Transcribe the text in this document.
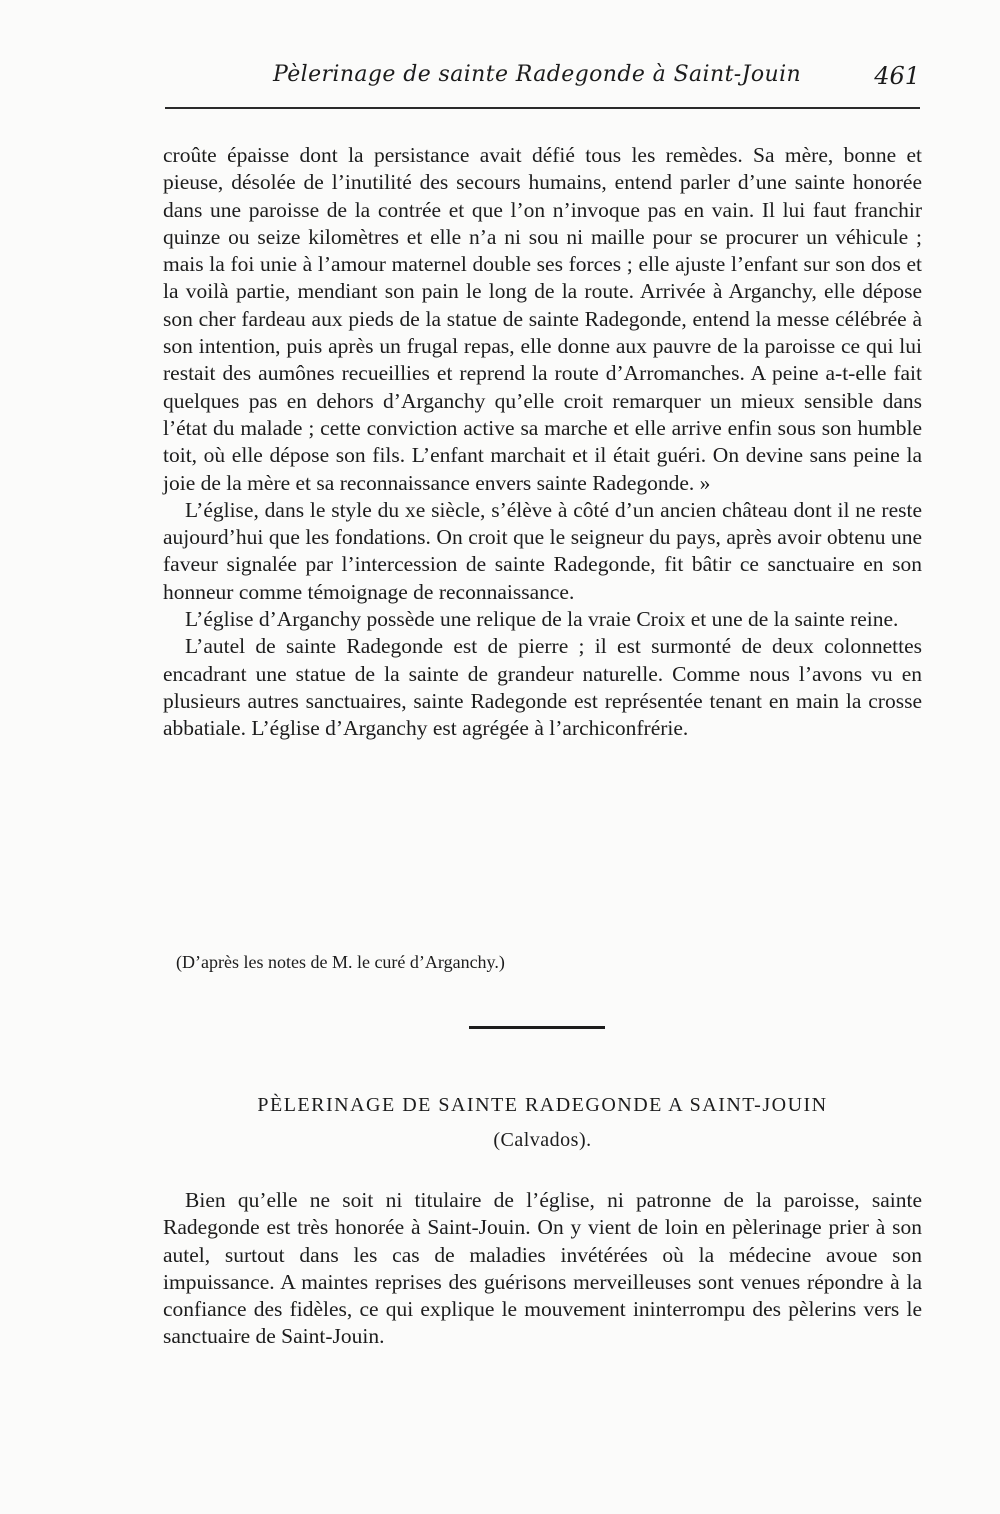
Pèlerinage de sainte Radegonde à Saint-Jouin	461

croûte épaisse dont la persistance avait défié tous les remèdes. Sa mère, bonne et pieuse, désolée de l’inutilité des secours humains, entend parler d’une sainte honorée dans une paroisse de la contrée et que l’on n’invoque pas en vain. Il lui faut franchir quinze ou seize kilomètres et elle n’a ni sou ni maille pour se procurer un véhicule ; mais la foi unie à l’amour maternel double ses forces ; elle ajuste l’enfant sur son dos et la voilà partie, mendiant son pain le long de la route. Arrivée à Arganchy, elle dépose son cher fardeau aux pieds de la statue de sainte Radegonde, entend la messe célébrée à son intention, puis après un frugal repas, elle donne aux pauvre de la paroisse ce qui lui restait des aumônes recueillies et reprend la route d’Arromanches. A peine a-t-elle fait quelques pas en dehors d’Arganchy qu’elle croit remarquer un mieux sensible dans l’état du malade ; cette conviction active sa marche et elle arrive enfin sous son humble toit, où elle dépose son fils. L’enfant marchait et il était guéri. On devine sans peine la joie de la mère et sa reconnaissance envers sainte Radegonde. »

L’église, dans le style du xe siècle, s’élève à côté d’un ancien château dont il ne reste aujourd’hui que les fondations. On croit que le seigneur du pays, après avoir obtenu une faveur signalée par l’intercession de sainte Radegonde, fit bâtir ce sanctuaire en son honneur comme témoignage de reconnaissance.

L’église d’Arganchy possède une relique de la vraie Croix et une de la sainte reine.

L’autel de sainte Radegonde est de pierre ; il est surmonté de deux colonnettes encadrant une statue de la sainte de grandeur naturelle. Comme nous l’avons vu en plusieurs autres sanctuaires, sainte Radegonde est représentée tenant en main la crosse abbatiale. L’église d’Arganchy est agrégée à l’archiconfrérie.

(D’après les notes de M. le curé d’Arganchy.)
PÈLERINAGE DE SAINTE RADEGONDE A SAINT-JOUIN
(Calvados).

Bien qu’elle ne soit ni titulaire de l’église, ni patronne de la paroisse, sainte Radegonde est très honorée à Saint-Jouin. On y vient de loin en pèlerinage prier à son autel, surtout dans les cas de maladies invétérées où la médecine avoue son impuissance. A maintes reprises des guérisons merveilleuses sont venues répondre à la confiance des fidèles, ce qui explique le mouvement ininterrompu des pèlerins vers le sanctuaire de Saint-Jouin.
